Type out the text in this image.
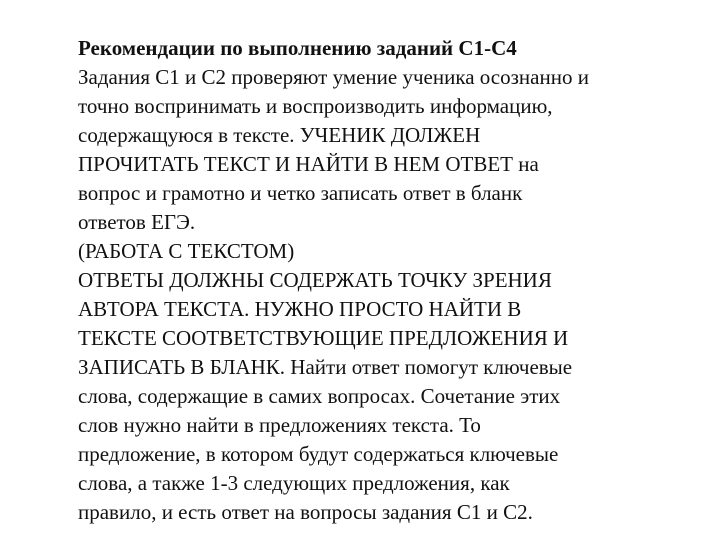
Рекомендации по выполнению заданий С1-С4
Задания С1 и С2 проверяют умение ученика осознанно и
точно воспринимать и воспроизводить информацию,
содержащуюся в тексте. УЧЕНИК ДОЛЖЕН
ПРОЧИТАТЬ ТЕКСТ И НАЙТИ В НЕМ ОТВЕТ на
вопрос и грамотно и четко записать ответ в бланк
ответов ЕГЭ.
(РАБОТА С ТЕКСТОМ)
ОТВЕТЫ ДОЛЖНЫ СОДЕРЖАТЬ ТОЧКУ ЗРЕНИЯ
АВТОРА ТЕКСТА. НУЖНО ПРОСТО НАЙТИ В
ТЕКСТЕ СООТВЕТСТВУЮЩИЕ ПРЕДЛОЖЕНИЯ И
ЗАПИСАТЬ В БЛАНК. Найти ответ помогут ключевые
слова, содержащие в самих вопросах. Сочетание этих
слов нужно найти в предложениях текста. То
предложение, в котором будут содержаться ключевые
слова, а также 1-3 следующих предложения, как
правило, и есть ответ на вопросы задания С1 и С2.
